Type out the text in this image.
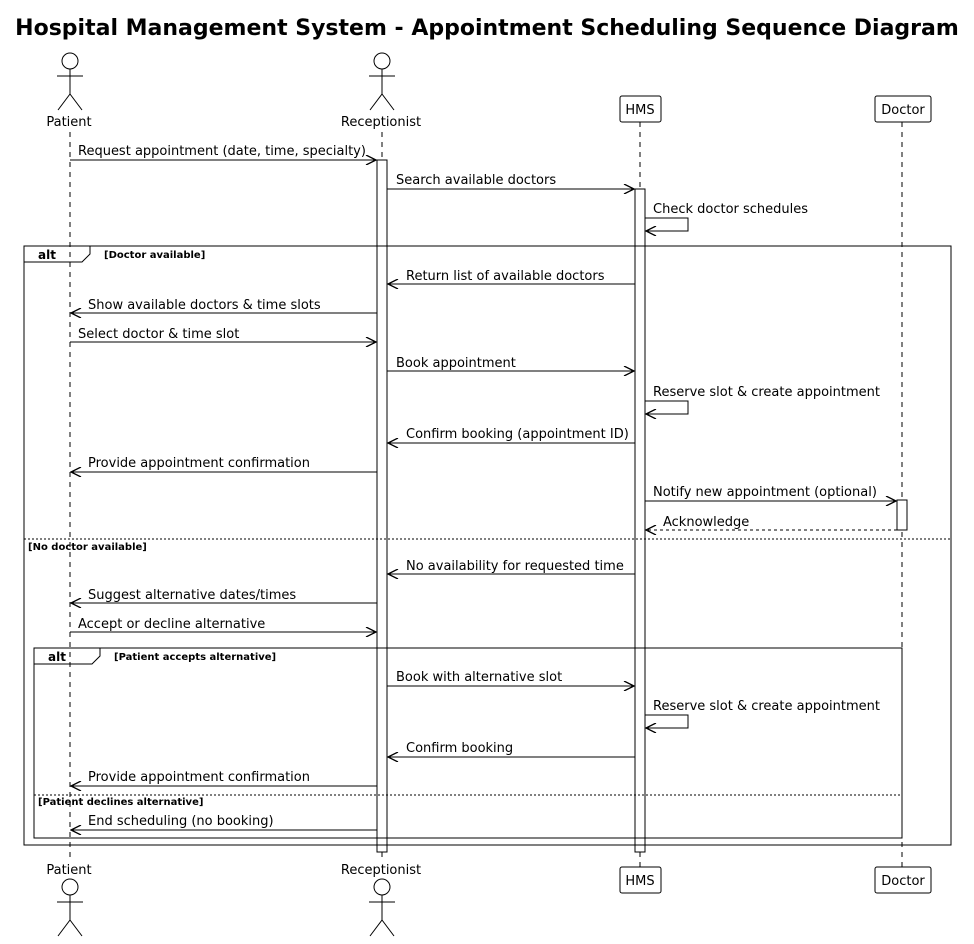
Hospital Management System - Appointment Scheduling Sequence Diagram
Patient	Receptionist
HMS	Doctor
Patient	Receptionist
HMS	Doctor
alt	[Doctor available]
[No doctor available]
alt	[Patient accepts alternative]
[Patient declines alternative]
Request appointment (date, time, specialty)
Search available doctors
Check doctor schedules
Return list of available doctors
Show available doctors & time slots
Select doctor & time slot
Book appointment
Reserve slot & create appointment
Confirm booking (appointment ID)
Provide appointment confirmation
Notify new appointment (optional)
Acknowledge
No availability for requested time
Suggest alternative dates/times
Accept or decline alternative
Book with alternative slot
Reserve slot & create appointment
Confirm booking
Provide appointment confirmation
End scheduling (no booking)
